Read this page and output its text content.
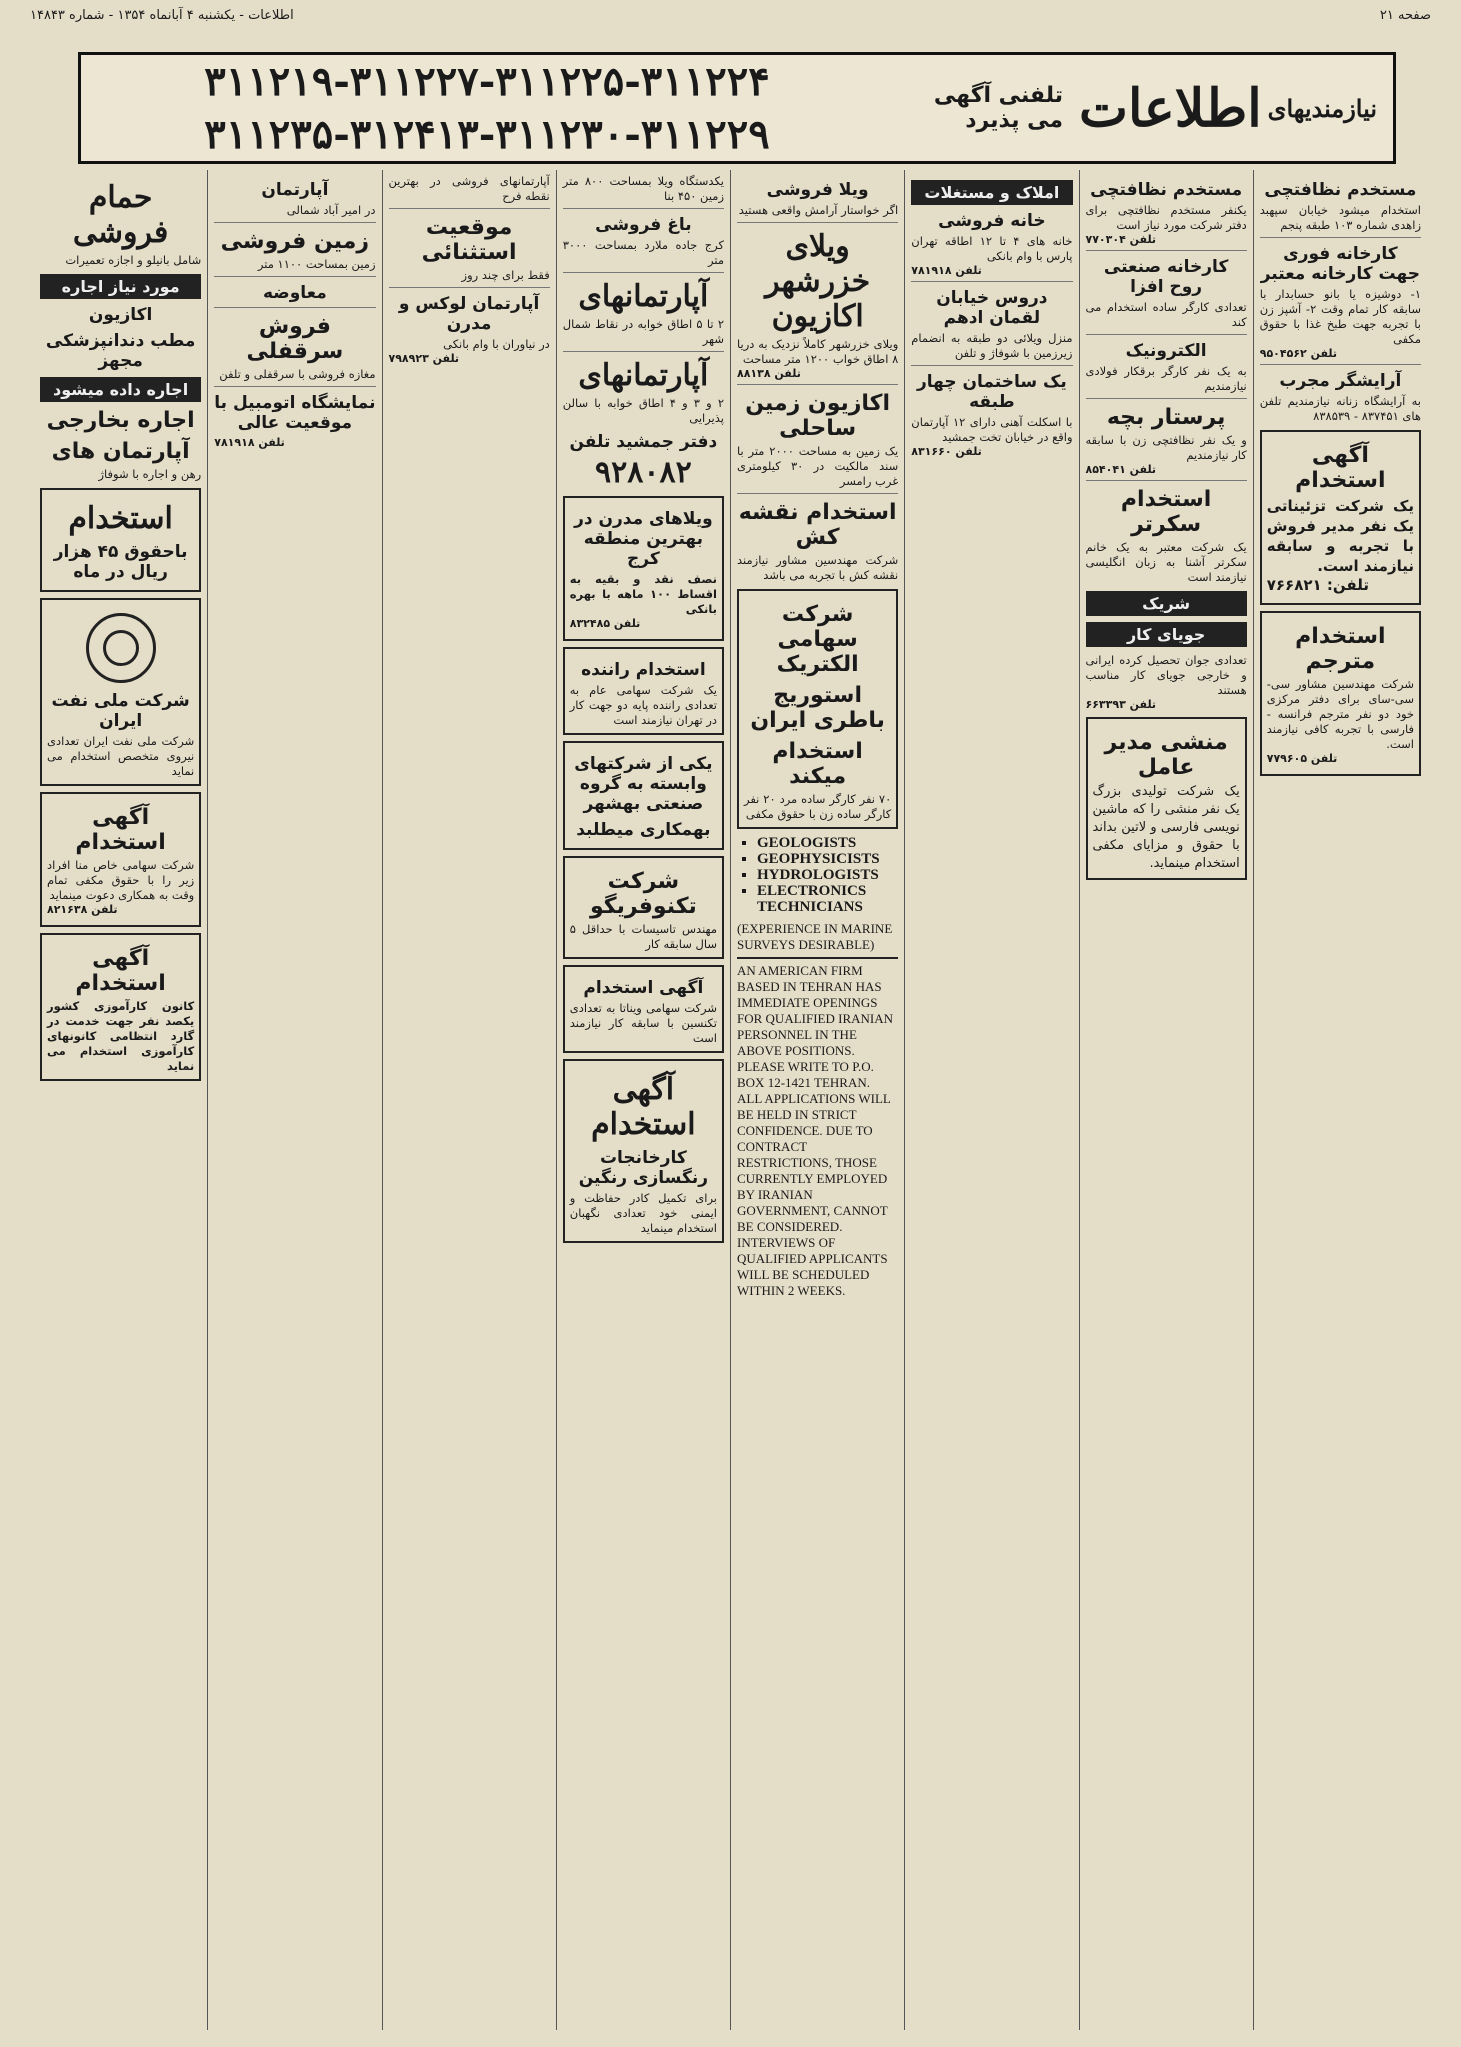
صفحه ۲۱
اطلاعات - یکشنبه ۴ آبانماه ۱۳۵۴ - شماره ۱۴۸۴۳
نیازمندیهای
اطلاعات
تلفنی آگهی می پذیرد
۳۱۱۲۱۹-۳۱۱۲۲۷-۳۱۱۲۲۵-۳۱۱۲۲۴
۳۱۱۲۳۵-۳۱۲۴۱۳-۳۱۱۲۳۰-۳۱۱۲۲۹
مستخدم نظافتچی
استخدام میشود خیابان سپهبد زاهدی شماره ۱۰۳ طبقه پنجم
کارخانه فوری جهت کارخانه معتبر
۱- دوشیزه یا بانو حسابدار با سابقه کار تمام وقت ۲- آشپز زن با تجربه جهت طبخ غذا با حقوق مکفی
تلفن ۹۵۰۴۵۶۲
آرایشگر مجرب
به آرایشگاه زنانه نیازمندیم تلفن های ۸۳۷۴۵۱ - ۸۳۸۵۳۹
آگهی استخدام
یک شرکت تزئیناتی یک نفر مدیر فروش با تجربه و سابقه نیازمند است.
تلفن: ۷۶۶۸۲۱
استخدام مترجم
شرکت مهندسین مشاور سی-سی-سای برای دفتر مرکزی خود دو نفر مترجم فرانسه - فارسی با تجربه کافی نیازمند است.
تلفن ۷۷۹۶۰۵
مستخدم نظافتچی
یکنفر مستخدم نظافتچی برای دفتر شرکت مورد نیاز است
تلفن ۷۷۰۳۰۴
کارخانه صنعتی روح افزا
تعدادی کارگر ساده استخدام می کند
الکترونیک
به یک نفر کارگر برقکار فولادی نیازمندیم
پرستار بچه
و یک نفر نظافتچی زن با سابقه کار نیازمندیم
تلفن ۸۵۴۰۴۱
استخدام سکرتر
یک شرکت معتبر به یک خانم سکرتر آشنا به زبان انگلیسی نیازمند است
شریک
جویای کار
تعدادی جوان تحصیل کرده ایرانی و خارجی جویای کار مناسب هستند
تلفن ۶۶۳۳۹۳
منشی مدیر عامل
یک شرکت تولیدی بزرگ یک نفر منشی را که ماشین نویسی فارسی و لاتین بداند با حقوق و مزایای مکفی استخدام مینماید.
املاک و مستغلات
خانه فروشی
خانه های ۴ تا ۱۲ اطاقه تهران پارس با وام بانکی
تلفن ۷۸۱۹۱۸
دروس خیابان لقمان ادهم
منزل ویلائی دو طبقه به انضمام زیرزمین با شوفاژ و تلفن
یک ساختمان چهار طبقه
با اسکلت آهنی دارای ۱۲ آپارتمان واقع در خیابان تخت جمشید
تلفن ۸۳۱۶۶۰
ویلا فروشی
اگر خواستار آرامش واقعی هستید
ویلای خزرشهر اکازیون
ویلای خزرشهر کاملاً نزدیک به دریا ۸ اطاق خواب ۱۲۰۰ متر مساحت
تلفن ۸۸۱۳۸
اکازیون زمین ساحلی
یک زمین به مساحت ۲۰۰۰ متر با سند مالکیت در ۳۰ کیلومتری غرب رامسر
استخدام نقشه کش
شرکت مهندسین مشاور نیازمند نقشه کش با تجربه می باشد
شرکت سهامی الکتریک
استوریج باطری ایران
استخدام میکند
۷۰ نفر کارگر ساده مرد ۲۰ نفر کارگر ساده زن با حقوق مکفی
▪ GEOLOGISTS
▪ GEOPHYSICISTS
▪ HYDROLOGISTS
▪ ELECTRONICS TECHNICIANS
(EXPERIENCE IN MARINE SURVEYS DESIRABLE)
AN AMERICAN FIRM BASED IN TEHRAN HAS IMMEDIATE OPENINGS FOR QUALIFIED IRANIAN PERSONNEL IN THE ABOVE POSITIONS. PLEASE WRITE TO P.O. BOX 12-1421 TEHRAN.
ALL APPLICATIONS WILL BE HELD IN STRICT CONFIDENCE. DUE TO CONTRACT RESTRICTIONS, THOSE CURRENTLY EMPLOYED BY IRANIAN GOVERNMENT, CANNOT BE CONSIDERED.
INTERVIEWS OF QUALIFIED APPLICANTS WILL BE SCHEDULED WITHIN 2 WEEKS.
یکدستگاه ویلا بمساحت ۸۰۰ متر زمین ۴۵۰ بنا
باغ فروشی
کرج جاده ملارد بمساحت ۳۰۰۰ متر
آپارتمانهای
۲ تا ۵ اطاق خوابه در نقاط شمال شهر
آپارتمانهای
۲ و ۳ و ۴ اطاق خوابه با سالن پذیرایی
دفتر جمشید تلفن
۹۲۸۰۸۲
ویلاهای مدرن در بهترین منطقه کرج
نصف نقد و بقیه به اقساط ۱۰۰ ماهه با بهره بانکی
تلفن ۸۳۲۴۸۵
استخدام راننده
یک شرکت سهامی عام به تعدادی راننده پایه دو جهت کار در تهران نیازمند است
یکی از شرکتهای وابسته به گروه صنعتی بهشهر
بهمکاری میطلبد
شرکت تکنوفریگو
مهندس تاسیسات با حداقل ۵ سال سابقه کار
آگهی استخدام
شرکت سهامی ویناتا به تعدادی تکنسین با سابقه کار نیازمند است
آگهی استخدام
کارخانجات رنگسازی رنگین
برای تکمیل کادر حفاظت و ایمنی خود تعدادی نگهبان استخدام مینماید
آپارتمانهای فروشی در بهترین نقطه فرح
موقعیت استثنائی
فقط برای چند روز
آپارتمان لوکس و مدرن
در نیاوران با وام بانکی
تلفن ۷۹۸۹۲۳
آپارتمان
در امیر آباد شمالی
زمین فروشی
زمین بمساحت ۱۱۰۰ متر
معاوضه
فروش سرقفلی
مغازه فروشی با سرقفلی و تلفن
نمایشگاه اتومبیل با موقعیت عالی
تلفن ۷۸۱۹۱۸
حمام فروشی
شامل بانیلو و اجازه تعمیرات
مورد نیاز اجاره
اکازیون
مطب دندانپزشکی مجهز
اجاره داده میشود
اجاره بخارجی
آپارتمان های
رهن و اجاره با شوفاژ
استخدام
باحقوق ۴۵ هزار ریال در ماه
شرکت ملی نفت ایران
شرکت ملی نفت ایران تعدادی نیروی متخصص استخدام می نماید
آگهی استخدام
شرکت سهامی خاص منا افراد زیر را با حقوق مکفی تمام وقت به همکاری دعوت مینماید
تلفن ۸۲۱۶۳۸
آگهی استخدام
کانون کارآموزی کشور یکصد نفر جهت خدمت در گارد انتظامی کانونهای کارآموزی استخدام می نماید
